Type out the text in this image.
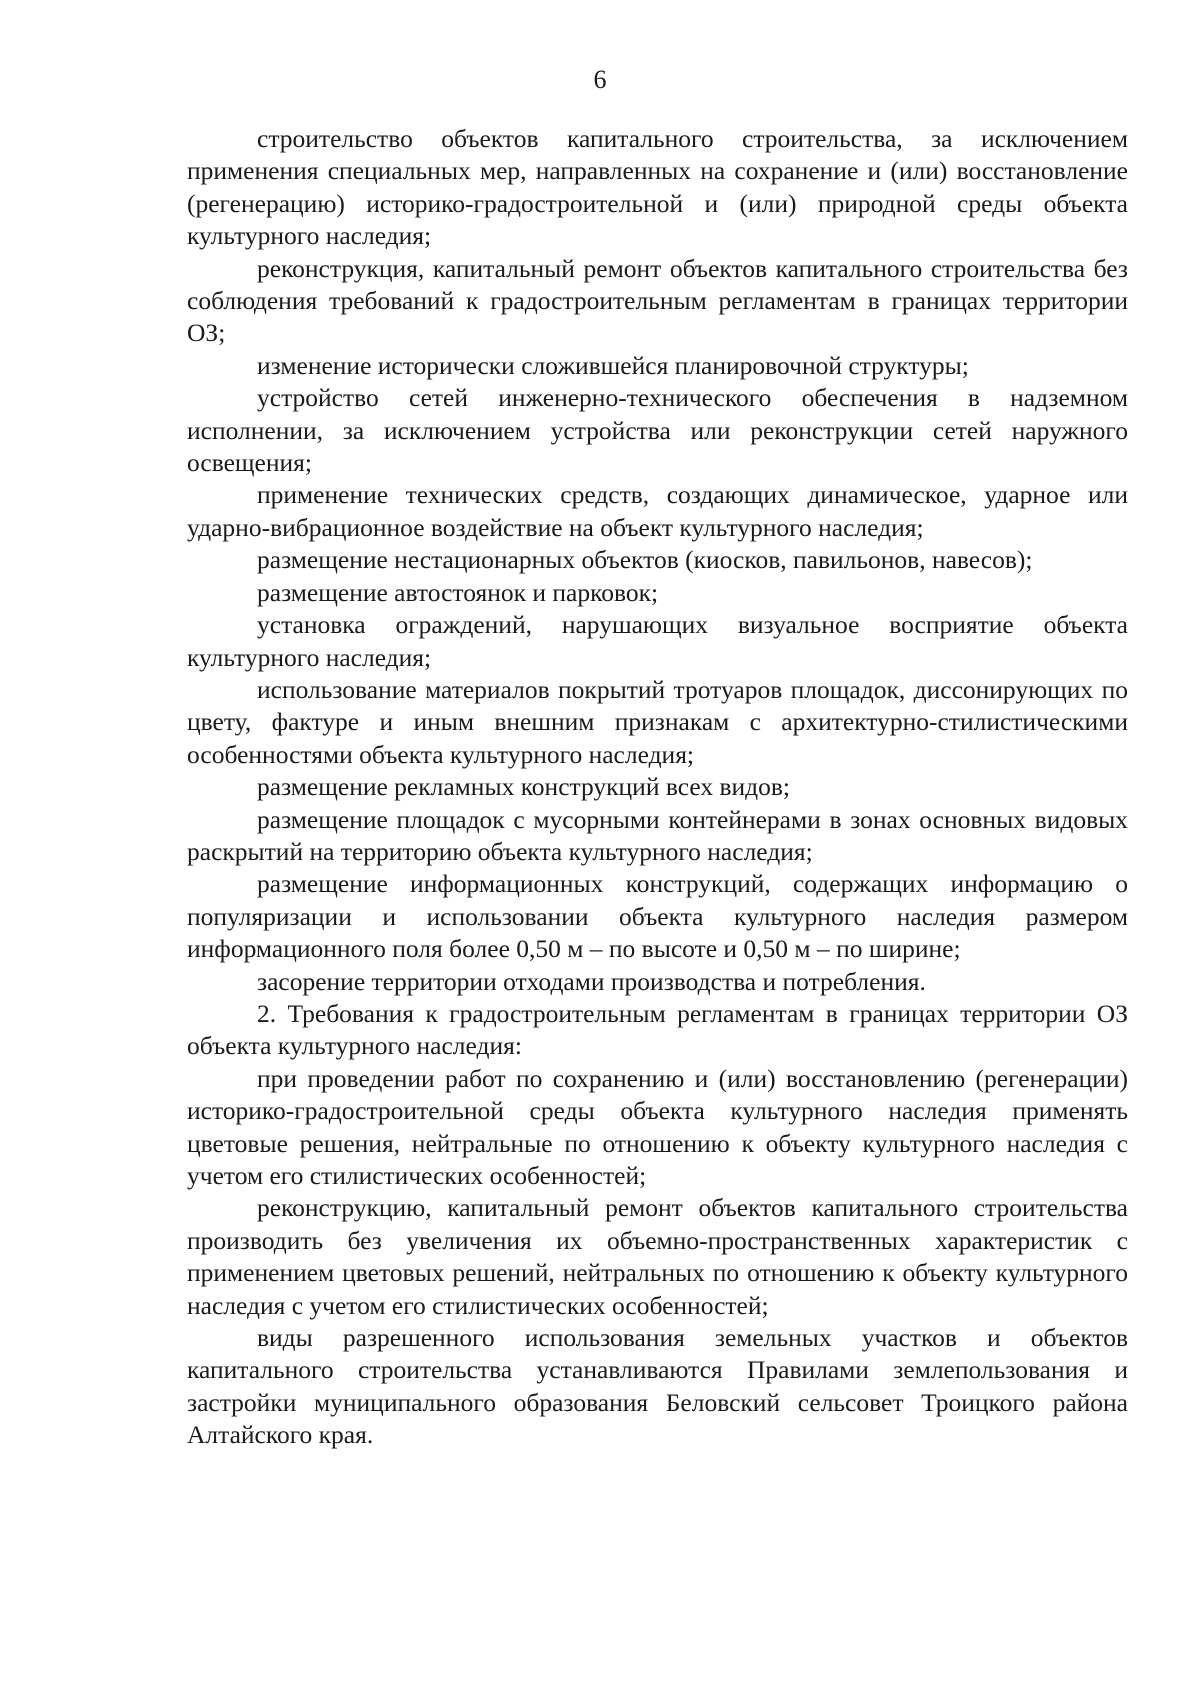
6

строительство объектов капитального строительства, за исключением применения специальных мер, направленных на сохранение и (или) восстановление (регенерацию) историко-градостроительной и (или) природной среды объекта культурного наследия;

реконструкция, капитальный ремонт объектов капитального строительства без соблюдения требований к градостроительным регламентам в границах территории ОЗ;

изменение исторически сложившейся планировочной структуры;

устройство сетей инженерно-технического обеспечения в надземном исполнении, за исключением устройства или реконструкции сетей наружного освещения;

применение технических средств, создающих динамическое, ударное или ударно-вибрационное воздействие на объект культурного наследия;

размещение нестационарных объектов (киосков, павильонов, навесов);

размещение автостоянок и парковок;

установка ограждений, нарушающих визуальное восприятие объекта культурного наследия;

использование материалов покрытий тротуаров площадок, диссонирующих по цвету, фактуре и иным внешним признакам с архитектурно-стилистическими особенностями объекта культурного наследия;

размещение рекламных конструкций всех видов;

размещение площадок с мусорными контейнерами в зонах основных видовых раскрытий на территорию объекта культурного наследия;

размещение информационных конструкций, содержащих информацию о популяризации и использовании объекта культурного наследия размером информационного поля более 0,50 м – по высоте и 0,50 м – по ширине;

засорение территории отходами производства и потребления.

2. Требования к градостроительным регламентам в границах территории ОЗ объекта культурного наследия:

при проведении работ по сохранению и (или) восстановлению (регенерации) историко-градостроительной среды объекта культурного наследия применять цветовые решения, нейтральные по отношению к объекту культурного наследия с учетом его стилистических особенностей;

реконструкцию, капитальный ремонт объектов капитального строительства производить без увеличения их объемно-пространственных характеристик с применением цветовых решений, нейтральных по отношению к объекту культурного наследия с учетом его стилистических особенностей;

виды разрешенного использования земельных участков и объектов капитального строительства устанавливаются Правилами землепользования и застройки муниципального образования Беловский сельсовет Троицкого района Алтайского края.
